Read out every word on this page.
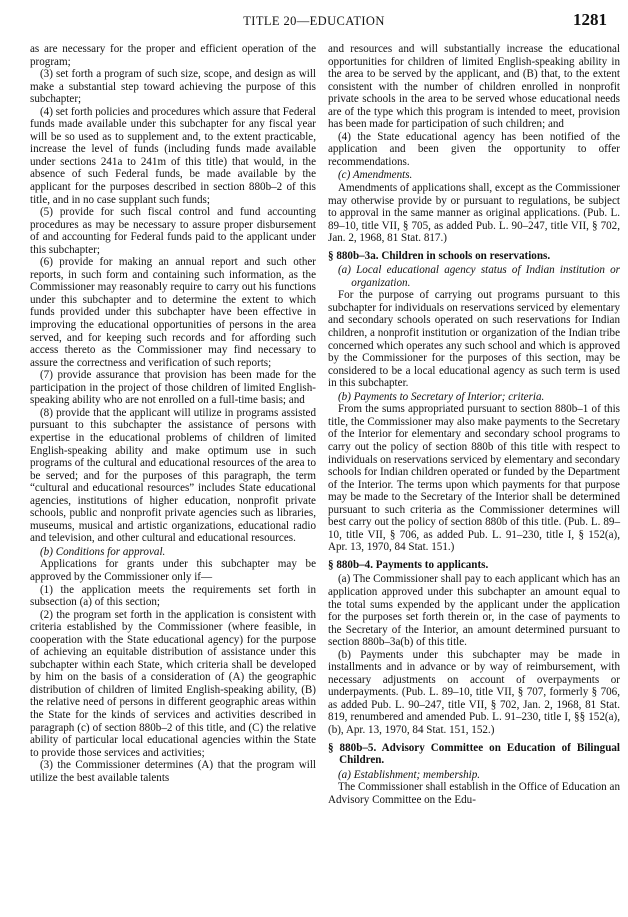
TITLE 20—EDUCATION	1281

as are necessary for the proper and efficient operation of the program;

(3) set forth a program of such size, scope, and design as will make a substantial step toward achieving the purpose of this subchapter;

(4) set forth policies and procedures which assure that Federal funds made available under this subchapter for any fiscal year will be so used as to supplement and, to the extent practicable, increase the level of funds (including funds made available under sections 241a to 241m of this title) that would, in the absence of such Federal funds, be made available by the applicant for the purposes described in section 880b–2 of this title, and in no case supplant such funds;

(5) provide for such fiscal control and fund accounting procedures as may be necessary to assure proper disbursement of and accounting for Federal funds paid to the applicant under this subchapter;

(6) provide for making an annual report and such other reports, in such form and containing such information, as the Commissioner may reasonably require to carry out his functions under this subchapter and to determine the extent to which funds provided under this subchapter have been effective in improving the educational opportunities of persons in the area served, and for keeping such records and for affording such access thereto as the Commissioner may find necessary to assure the correctness and verification of such reports;

(7) provide assurance that provision has been made for the participation in the project of those children of limited English-speaking ability who are not enrolled on a full-time basis; and

(8) provide that the applicant will utilize in programs assisted pursuant to this subchapter the assistance of persons with expertise in the educational problems of children of limited English-speaking ability and make optimum use in such programs of the cultural and educational resources of the area to be served; and for the purposes of this paragraph, the term “cultural and educational resources” includes State educational agencies, institutions of higher education, nonprofit private schools, public and nonprofit private agencies such as libraries, museums, musical and artistic organizations, educational radio and television, and other cultural and educational resources.

(b) Conditions for approval.

Applications for grants under this subchapter may be approved by the Commissioner only if—

(1) the application meets the requirements set forth in subsection (a) of this section;

(2) the program set forth in the application is consistent with criteria established by the Commissioner (where feasible, in cooperation with the State educational agency) for the purpose of achieving an equitable distribution of assistance under this subchapter within each State, which criteria shall be developed by him on the basis of a consideration of (A) the geographic distribution of children of limited English-speaking ability, (B) the relative need of persons in different geographic areas within the State for the kinds of services and activities described in paragraph (c) of section 880b–2 of this title, and (C) the relative ability of particular local educational agencies within the State to provide those services and activities;

(3) the Commissioner determines (A) that the program will utilize the best available talents

and resources and will substantially increase the educational opportunities for children of limited English-speaking ability in the area to be served by the applicant, and (B) that, to the extent consistent with the number of children enrolled in nonprofit private schools in the area to be served whose educational needs are of the type which this program is intended to meet, provision has been made for participation of such children; and

(4) the State educational agency has been notified of the application and been given the opportunity to offer recommendations.

(c) Amendments.

Amendments of applications shall, except as the Commissioner may otherwise provide by or pursuant to regulations, be subject to approval in the same manner as original applications. (Pub. L. 89–10, title VII, § 705, as added Pub. L. 90–247, title VII, § 702, Jan. 2, 1968, 81 Stat. 817.)

§ 880b–3a. Children in schools on reservations.

(a) Local educational agency status of Indian institution or organization.

For the purpose of carrying out programs pursuant to this subchapter for individuals on reservations serviced by elementary and secondary schools operated on such reservations for Indian children, a nonprofit institution or organization of the Indian tribe concerned which operates any such school and which is approved by the Commissioner for the purposes of this section, may be considered to be a local educational agency as such term is used in this subchapter.

(b) Payments to Secretary of Interior; criteria.

From the sums appropriated pursuant to section 880b–1 of this title, the Commissioner may also make payments to the Secretary of the Interior for elementary and secondary school programs to carry out the policy of section 880b of this title with respect to individuals on reservations serviced by elementary and secondary schools for Indian children operated or funded by the Department of the Interior. The terms upon which payments for that purpose may be made to the Secretary of the Interior shall be determined pursuant to such criteria as the Commissioner determines will best carry out the policy of section 880b of this title. (Pub. L. 89–10, title VII, § 706, as added Pub. L. 91–230, title I, § 152(a), Apr. 13, 1970, 84 Stat. 151.)

§ 880b–4. Payments to applicants.

(a) The Commissioner shall pay to each applicant which has an application approved under this subchapter an amount equal to the total sums expended by the applicant under the application for the purposes set forth therein or, in the case of payments to the Secretary of the Interior, an amount determined pursuant to section 880b–3a(b) of this title.

(b) Payments under this subchapter may be made in installments and in advance or by way of reimbursement, with necessary adjustments on account of overpayments or underpayments. (Pub. L. 89–10, title VII, § 707, formerly § 706, as added Pub. L. 90–247, title VII, § 702, Jan. 2, 1968, 81 Stat. 819, renumbered and amended Pub. L. 91–230, title I, §§ 152(a), (b), Apr. 13, 1970, 84 Stat. 151, 152.)

§ 880b–5. Advisory Committee on Education of Bilingual Children.

(a) Establishment; membership.

The Commissioner shall establish in the Office of Education an Advisory Committee on the Edu-
